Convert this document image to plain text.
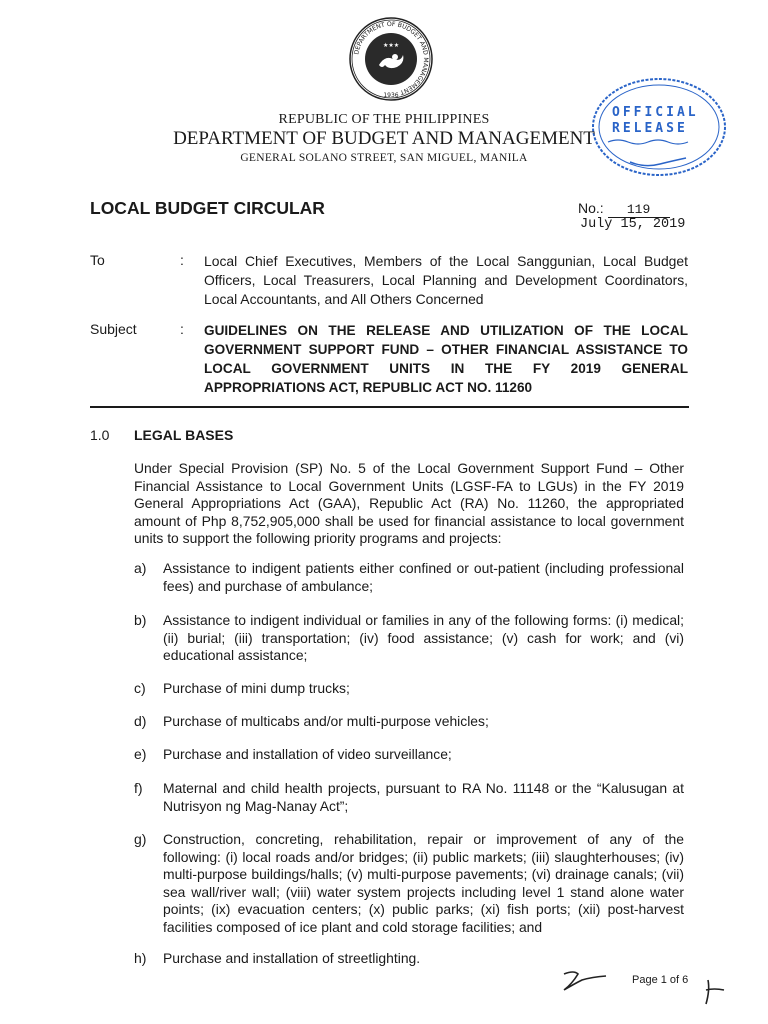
DEPARTMENT OF BUDGET AND MANAGEMENT
★★★
1936
OFFICIAL
RELEASE
REPUBLIC OF THE PHILIPPINES
DEPARTMENT OF BUDGET AND MANAGEMENT
GENERAL SOLANO STREET, SAN MIGUEL, MANILA
LOCAL BUDGET CIRCULAR	No.: 119
July 15, 2019
To	: Local Chief Executives, Members of the Local Sanggunian, Local Budget Officers, Local Treasurers, Local Planning and Development Coordinators, Local Accountants, and All Others Concerned
Subject	: GUIDELINES ON THE RELEASE AND UTILIZATION OF THE LOCAL GOVERNMENT SUPPORT FUND – OTHER FINANCIAL ASSISTANCE TO LOCAL GOVERNMENT UNITS IN THE FY 2019 GENERAL APPROPRIATIONS ACT, REPUBLIC ACT NO. 11260
1.0 LEGAL BASES
Under Special Provision (SP) No. 5 of the Local Government Support Fund – Other Financial Assistance to Local Government Units (LGSF-FA to LGUs) in the FY 2019 General Appropriations Act (GAA), Republic Act (RA) No. 11260, the appropriated amount of Php 8,752,905,000 shall be used for financial assistance to local government units to support the following priority programs and projects:
a) Assistance to indigent patients either confined or out-patient (including professional fees) and purchase of ambulance;
b) Assistance to indigent individual or families in any of the following forms: (i) medical; (ii) burial; (iii) transportation; (iv) food assistance; (v) cash for work; and (vi) educational assistance;
c) Purchase of mini dump trucks;
d) Purchase of multicabs and/or multi-purpose vehicles;
e) Purchase and installation of video surveillance;
f) Maternal and child health projects, pursuant to RA No. 11148 or the “Kalusugan at Nutrisyon ng Mag-Nanay Act”;
g) Construction, concreting, rehabilitation, repair or improvement of any of the following: (i) local roads and/or bridges; (ii) public markets; (iii) slaughterhouses; (iv) multi-purpose buildings/halls; (v) multi-purpose pavements; (vi) drainage canals; (vii) sea wall/river wall; (viii) water system projects including level 1 stand alone water points; (ix) evacuation centers; (x) public parks; (xi) fish ports; (xii) post-harvest facilities composed of ice plant and cold storage facilities; and
h) Purchase and installation of streetlighting.
Page 1 of 6
